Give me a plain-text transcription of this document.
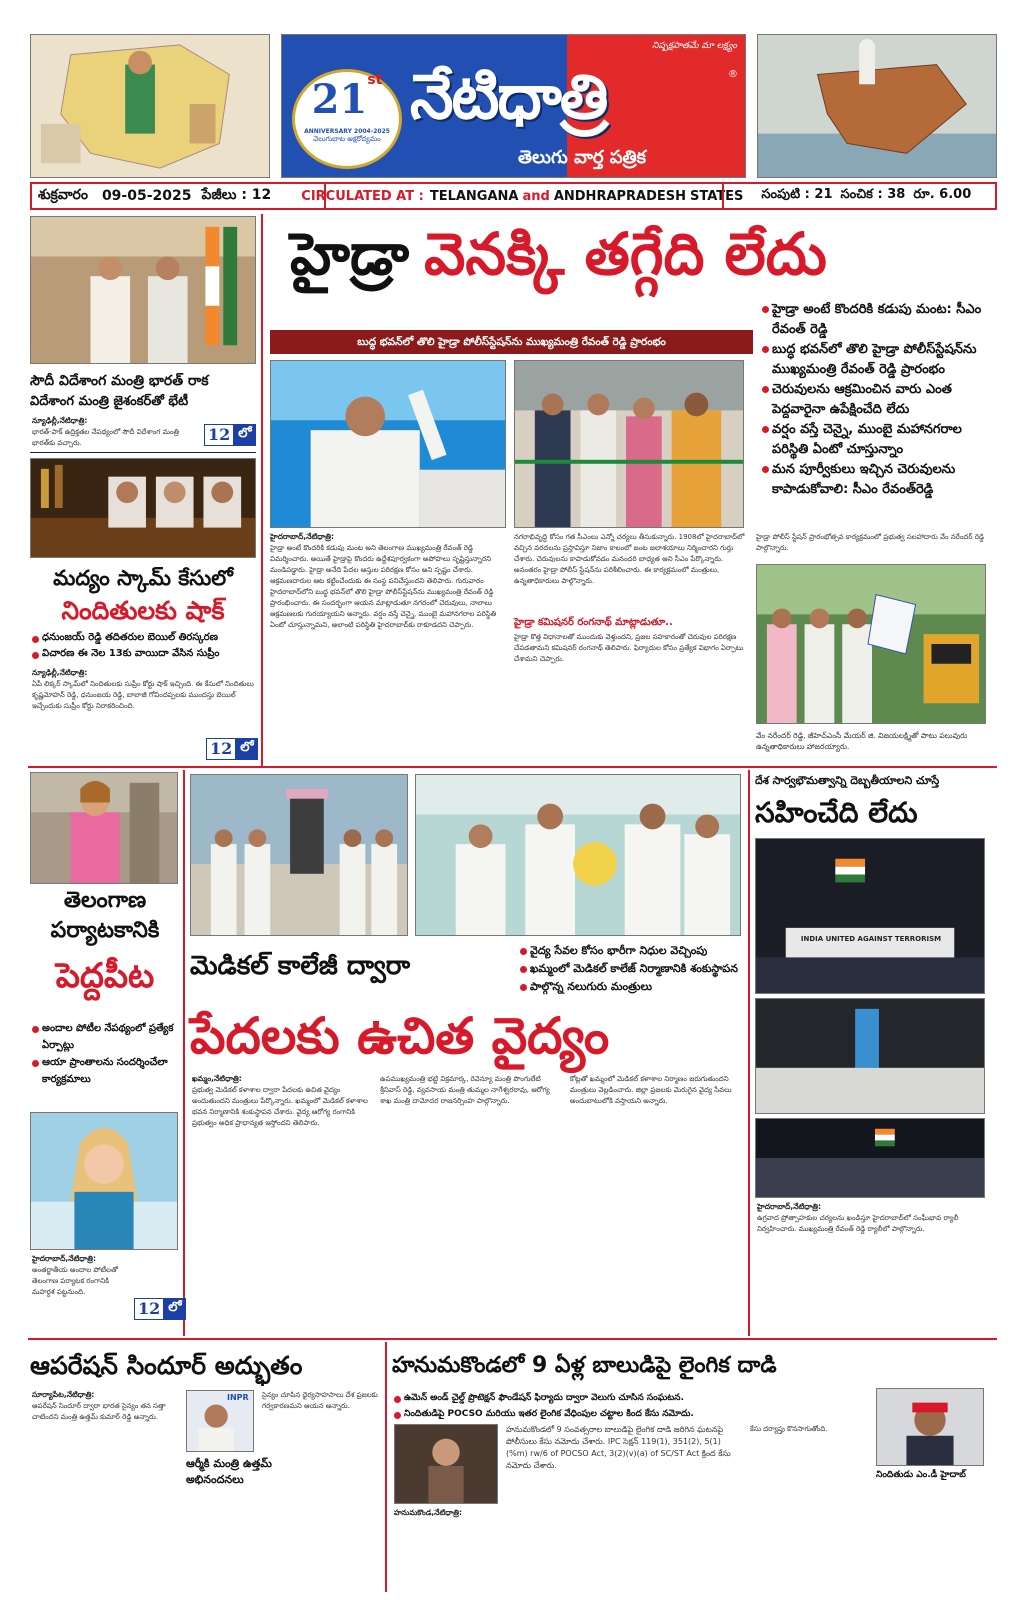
21st
ANNIVERSARY 2004-2025
వెలుగుబాట అక్షరోద్యమం
నిష్పక్షపాతమే మా లక్ష్యం
నేటిధాత్రి	®
తెలుగు వార్త పత్రిక
శుక్రవారం	09-05-2025 పేజీలు : 12	CIRCULATED AT : TELANGANA and ANDHRAPRADESH STATES	సంపుటి : 21 సంచిక : 38 రూ. 6.00
సౌదీ విదేశాంగ మంత్రి భారత్ రాక
విదేశాంగ మంత్రి జైశంకర్‌తో భేటీ
న్యూఢిల్లీ,నేటిధాత్రి:
భారత్-పాక్ ఉద్రిక్తతల నేపథ్యంలో సౌదీ విదేశాంగ మంత్రి భారత్‌కు వచ్చారు.	12 లో
మద్యం స్కామ్ కేసులో
నిందితులకు షాక్
ధనుంజయ్ రెడ్డి తదితరుల బెయిల్ తిరస్కరణ
విచారణ ఈ నెల 13కు వాయిదా వేసిన సుప్రీం
న్యూఢిల్లీ,నేటిధాత్రి:
ఏపీ లిక్కర్ స్కామ్‌లో నిందితులకు సుప్రీం కోర్టు షాక్ ఇచ్చింది. ఈ కేసులో నిందితులు కృష్ణమోహన్ రెడ్డి, ధనుంజయ రెడ్డి, బాలాజీ గోవిందప్పలకు ముందస్తు బెయిల్ ఇచ్చేందుకు సుప్రీం కోర్టు నిరాకరించింది.
12 లో
హైడ్రా వెనక్కి తగ్గేది లేదు
బుద్ధ భవన్‌లో తొలి హైడ్రా పోలీస్‌స్టేషన్‌ను ముఖ్యమంత్రి రేవంత్ రెడ్డి ప్రారంభం
హైడ్రా అంటే కొందరికి కడుపు మంట: సీఎం రేవంత్ రెడ్డి
బుద్ధ భవన్‌లో తొలి హైడ్రా పోలీస్‌స్టేషన్‌ను ముఖ్యమంత్రి రేవంత్ రెడ్డి ప్రారంభం
చెరువులను ఆక్రమించిన వారు ఎంత పెద్దవారైనా ఉపేక్షించేది లేదు
వర్షం వస్తే చెన్నై, ముంబై మహానగరాల పరిస్థితి ఏంటో చూస్తున్నాం
మన పూర్వీకులు ఇచ్చిన చెరువులను కాపాడుకోవాలి: సీఎం రేవంత్‌రెడ్డి
హైదరాబాద్,నేటిధాత్రి:
హైడ్రా అంటే కొందరికి కడుపు మంట అని తెలంగాణ ముఖ్యమంత్రి రేవంత్ రెడ్డి విమర్శించారు. అయితే హైడ్రాపై కొందరు ఉద్దేశపూర్వకంగా అపోహలు సృష్టిస్తున్నారని మండిపడ్డారు. హైడ్రా అనేది పేదల ఆస్తుల పరిరక్షణ కోసం అని స్పష్టం చేశారు. ఆక్రమణదారుల ఆట కట్టించేందుకు ఈ సంస్థ పనిచేస్తుందని తెలిపారు. గురువారం హైదరాబాద్‌లోని బుద్ధ భవన్‌లో తొలి హైడ్రా పోలీస్‌స్టేషన్‌ను ముఖ్యమంత్రి రేవంత్ రెడ్డి ప్రారంభించారు. ఈ సందర్భంగా ఆయన మాట్లాడుతూ నగరంలో చెరువులు, నాలాలు ఆక్రమణలకు గురయ్యాయని అన్నారు. వర్షం వస్తే చెన్నై, ముంబై మహానగరాల పరిస్థితి ఏంటో చూస్తున్నామని, అలాంటి పరిస్థితి హైదరాబాద్‌కు రాకూడదని చెప్పారు.
నగరాభివృద్ధి కోసం గత సీఎంలు ఎన్నో చర్యలు తీసుకున్నారు. 1908లో హైదరాబాద్‌లో వచ్చిన వరదలను ప్రస్తావిస్తూ నిజాం కాలంలో జంట జలాశయాలు నిర్మించారని గుర్తు చేశారు. చెరువులను కాపాడుకోవడం మనందరి బాధ్యత అని సీఎం పేర్కొన్నారు. అనంతరం హైడ్రా పోలీస్ స్టేషన్‌ను పరిశీలించారు. ఈ కార్యక్రమంలో మంత్రులు, ఉన్నతాధికారులు పాల్గొన్నారు.
హైడ్రా కమిషనర్ రంగనాథ్ మాట్లాడుతూ..
హైడ్రా కొత్త విధానాలతో ముందుకు వెళ్తుందని, ప్రజల సహకారంతో చెరువుల పరిరక్షణ చేపడతామని కమిషనర్ రంగనాథ్ తెలిపారు. ఫిర్యాదుల కోసం ప్రత్యేక విభాగం ఏర్పాటు చేశామని చెప్పారు.
హైడ్రా పోలీస్ స్టేషన్ ప్రారంభోత్సవ కార్యక్రమంలో ప్రభుత్వ సలహాదారు వేం నరేందర్ రెడ్డి పాల్గొన్నారు.
వేం నరేందర్ రెడ్డి, జీహెచ్ఎంసీ మేయర్ జి. విజయలక్ష్మితో పాటు పలువురు ఉన్నతాధికారులు హాజరయ్యారు.
తెలంగాణ
పర్యాటకానికి
పెద్దపీట
అందాల పోటీల నేపథ్యంలో ప్రత్యేక ఏర్పాట్లు
ఆయా ప్రాంతాలను సందర్శించేలా కార్యక్రమాలు
హైదరాబాద్,నేటిధాత్రి:
అంతర్జాతీయ అందాల పోటీలతో తెలంగాణ పర్యాటక రంగానికి మహర్దశ పట్టనుంది.
12 లో
మెడికల్ కాలేజీ ద్వారా
వైద్య సేవల కోసం భారీగా నిధుల వెచ్చింపు
ఖమ్మంలో మెడికల్ కాలేజ్ నిర్మాణానికి శంకుస్థాపన
పాల్గొన్న నలుగురు మంత్రులు
పేదలకు ఉచిత వైద్యం
ఖమ్మం,నేటిధాత్రి:
ప్రభుత్వ మెడికల్ కళాశాల ద్వారా పేదలకు ఉచిత వైద్యం అందుతుందని మంత్రులు పేర్కొన్నారు. ఖమ్మంలో మెడికల్ కళాశాల భవన నిర్మాణానికి శంకుస్థాపన చేశారు. వైద్య ఆరోగ్య రంగానికి ప్రభుత్వం అధిక ప్రాధాన్యత ఇస్తోందని తెలిపారు.
ఉపముఖ్యమంత్రి భట్టి విక్రమార్క, రెవెన్యూ మంత్రి పొంగులేటి శ్రీనివాస్ రెడ్డి, వ్యవసాయ మంత్రి తుమ్మల నాగేశ్వరరావు, ఆరోగ్య శాఖ మంత్రి దామోదర రాజనర్సింహ పాల్గొన్నారు.
కోట్లతో ఖమ్మంలో మెడికల్ కళాశాల నిర్మాణం జరుగుతుందని మంత్రులు వెల్లడించారు. జిల్లా ప్రజలకు మెరుగైన వైద్య సేవలు అందుబాటులోకి వస్తాయని అన్నారు.
దేశ సార్వభౌమత్వాన్ని దెబ్బతీయాలని చూస్తే
సహించేది లేదు
INDIA UNITED AGAINST TERRORISM
హైదరాబాద్,నేటిధాత్రి:
ఉగ్రవాద ప్రోత్సాహకుల చర్యలను ఖండిస్తూ హైదరాబాద్‌లో సంఘీభావ ర్యాలీ నిర్వహించారు. ముఖ్యమంత్రి రేవంత్ రెడ్డి ర్యాలీలో పాల్గొన్నారు.
ఆపరేషన్ సిందూర్ అద్భుతం
సూర్యాపేట,నేటిధాత్రి:
ఆపరేషన్ సిందూర్ ద్వారా భారత సైన్యం తన సత్తా చాటిందని మంత్రి ఉత్తమ్ కుమార్ రెడ్డి అన్నారు.
INPR
ఆర్మీకి మంత్రి ఉత్తమ్
అభినందనలు
సైన్యం చూపిన ధైర్యసాహసాలు దేశ ప్రజలకు గర్వకారణమని ఆయన అన్నారు.
హనుమకొండలో 9 ఏళ్ల బాలుడిపై లైంగిక దాడి
ఉమెన్ అండ్ చైల్డ్ ప్రొటెక్షన్ ఫౌండేషన్ ఫిర్యాదు ద్వారా వెలుగు చూసిన సంఘటన.
నిందితుడిపై POCSO మరియు ఇతర లైంగిక వేధింపుల చట్టాల కింద కేసు నమోదు.
హనుమకొండ,నేటిధాత్రి:
హనుమకొండలో 9 సంవత్సరాల బాలుడిపై లైంగిక దాడి జరిగిన ఘటనపై పోలీసులు కేసు నమోదు చేశారు. IPC సెక్షన్ 119(1), 351(2), 5(1)(%m) rw/6 of POCSO Act, 3(2)(v)(a) of SC/ST Act క్రింద కేసు నమోదు చేశారు.
కేసు దర్యాప్తు కొనసాగుతోంది.
నిందితుడు ఎం.డీ హైదాబ్
